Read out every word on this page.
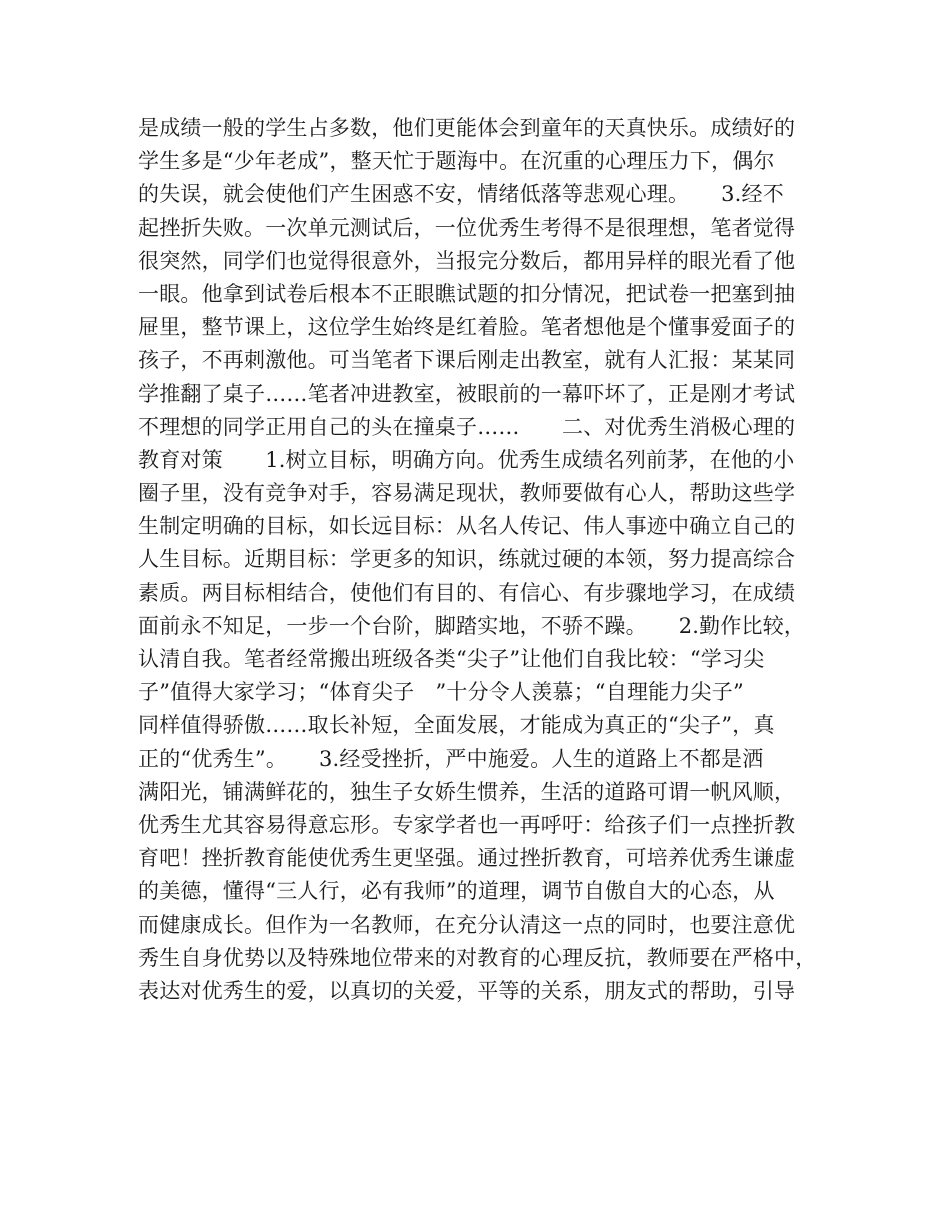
是成绩一般的学生占多数，他们更能体会到童年的天真快乐。成绩好的
学生多是“少年老成”，整天忙于题海中。在沉重的心理压力下，偶尔
的失误，就会使他们产生困惑不安，情绪低落等悲观心理。　　3.经不
起挫折失败。一次单元测试后，一位优秀生考得不是很理想，笔者觉得
很突然，同学们也觉得很意外，当报完分数后，都用异样的眼光看了他
一眼。他拿到试卷后根本不正眼瞧试题的扣分情况，把试卷一把塞到抽
屉里，整节课上，这位学生始终是红着脸。笔者想他是个懂事爱面子的
孩子，不再刺激他。可当笔者下课后刚走出教室，就有人汇报：某某同
学推翻了桌子……笔者冲进教室，被眼前的一幕吓坏了，正是刚才考试
不理想的同学正用自己的头在撞桌子……　　二、对优秀生消极心理的
教育对策　　1.树立目标，明确方向。优秀生成绩名列前茅，在他的小
圈子里，没有竞争对手，容易满足现状，教师要做有心人，帮助这些学
生制定明确的目标，如长远目标：从名人传记、伟人事迹中确立自己的
人生目标。近期目标：学更多的知识，练就过硬的本领，努力提高综合
素质。两目标相结合，使他们有目的、有信心、有步骤地学习，在成绩
面前永不知足，一步一个台阶，脚踏实地，不骄不躁。　　2.勤作比较，
认清自我。笔者经常搬出班级各类“尖子”让他们自我比较：“学习尖
子”值得大家学习；“体育尖子　”十分令人羡慕；“自理能力尖子”
同样值得骄傲……取长补短，全面发展，才能成为真正的“尖子”，真
正的“优秀生”。　　3.经受挫折，严中施爱。人生的道路上不都是洒
满阳光，铺满鲜花的，独生子女娇生惯养，生活的道路可谓一帆风顺，
优秀生尤其容易得意忘形。专家学者也一再呼吁：给孩子们一点挫折教
育吧！挫折教育能使优秀生更坚强。通过挫折教育，可培养优秀生谦虚
的美德，懂得“三人行，必有我师”的道理，调节自傲自大的心态，从
而健康成长。但作为一名教师，在充分认清这一点的同时，也要注意优
秀生自身优势以及特殊地位带来的对教育的心理反抗，教师要在严格中，
表达对优秀生的爱，以真切的关爱，平等的关系，朋友式的帮助，引导
